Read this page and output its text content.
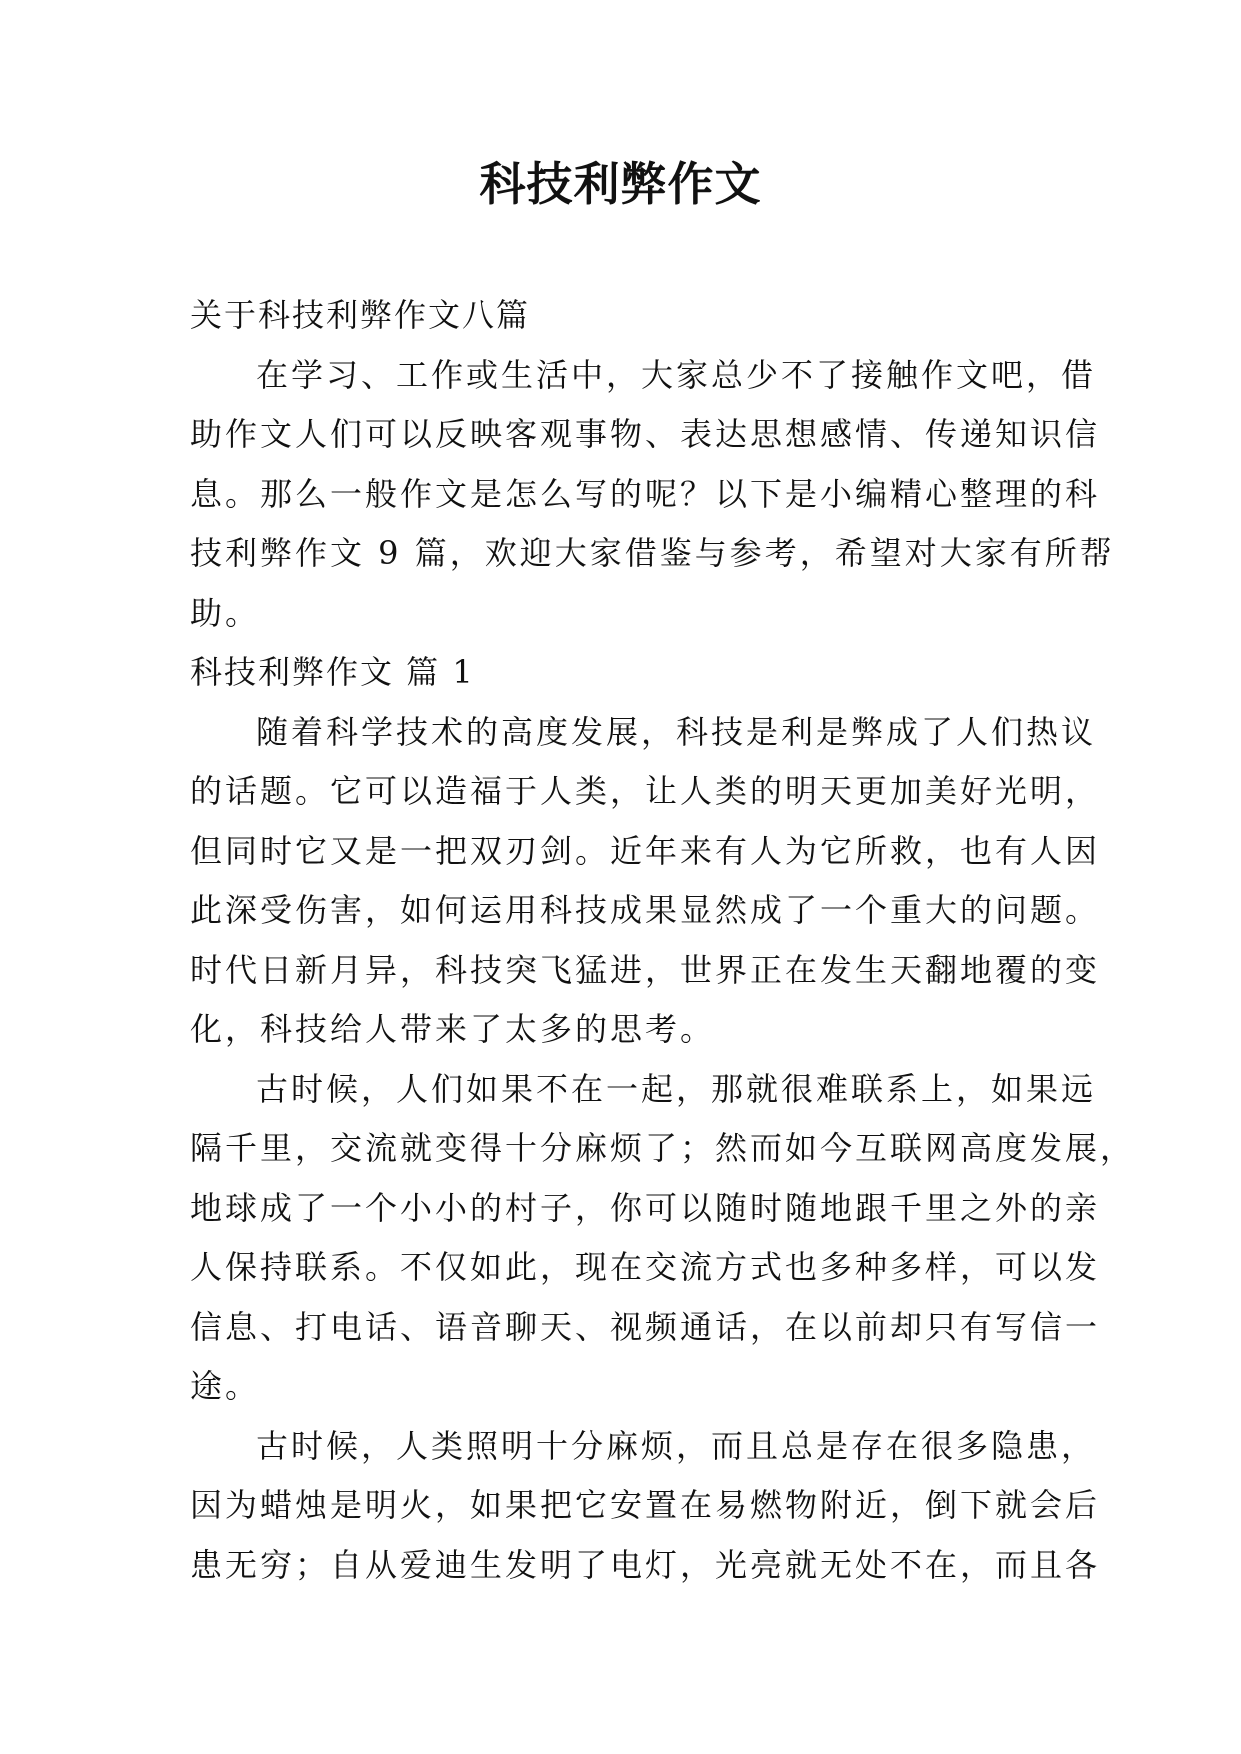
科技利弊作文
关于科技利弊作文八篇
在学习、工作或生活中，大家总少不了接触作文吧，借
助作文人们可以反映客观事物、表达思想感情、传递知识信
息。那么一般作文是怎么写的呢？以下是小编精心整理的科
技利弊作文 9 篇，欢迎大家借鉴与参考，希望对大家有所帮
助。
科技利弊作文 篇 1
随着科学技术的高度发展，科技是利是弊成了人们热议
的话题。它可以造福于人类，让人类的明天更加美好光明，
但同时它又是一把双刃剑。近年来有人为它所救，也有人因
此深受伤害，如何运用科技成果显然成了一个重大的问题。
时代日新月异，科技突飞猛进，世界正在发生天翻地覆的变
化，科技给人带来了太多的思考。
古时候，人们如果不在一起，那就很难联系上，如果远
隔千里，交流就变得十分麻烦了；然而如今互联网高度发展，
地球成了一个小小的村子，你可以随时随地跟千里之外的亲
人保持联系。不仅如此，现在交流方式也多种多样，可以发
信息、打电话、语音聊天、视频通话，在以前却只有写信一
途。
古时候，人类照明十分麻烦，而且总是存在很多隐患，
因为蜡烛是明火，如果把它安置在易燃物附近，倒下就会后
患无穷；自从爱迪生发明了电灯，光亮就无处不在，而且各
